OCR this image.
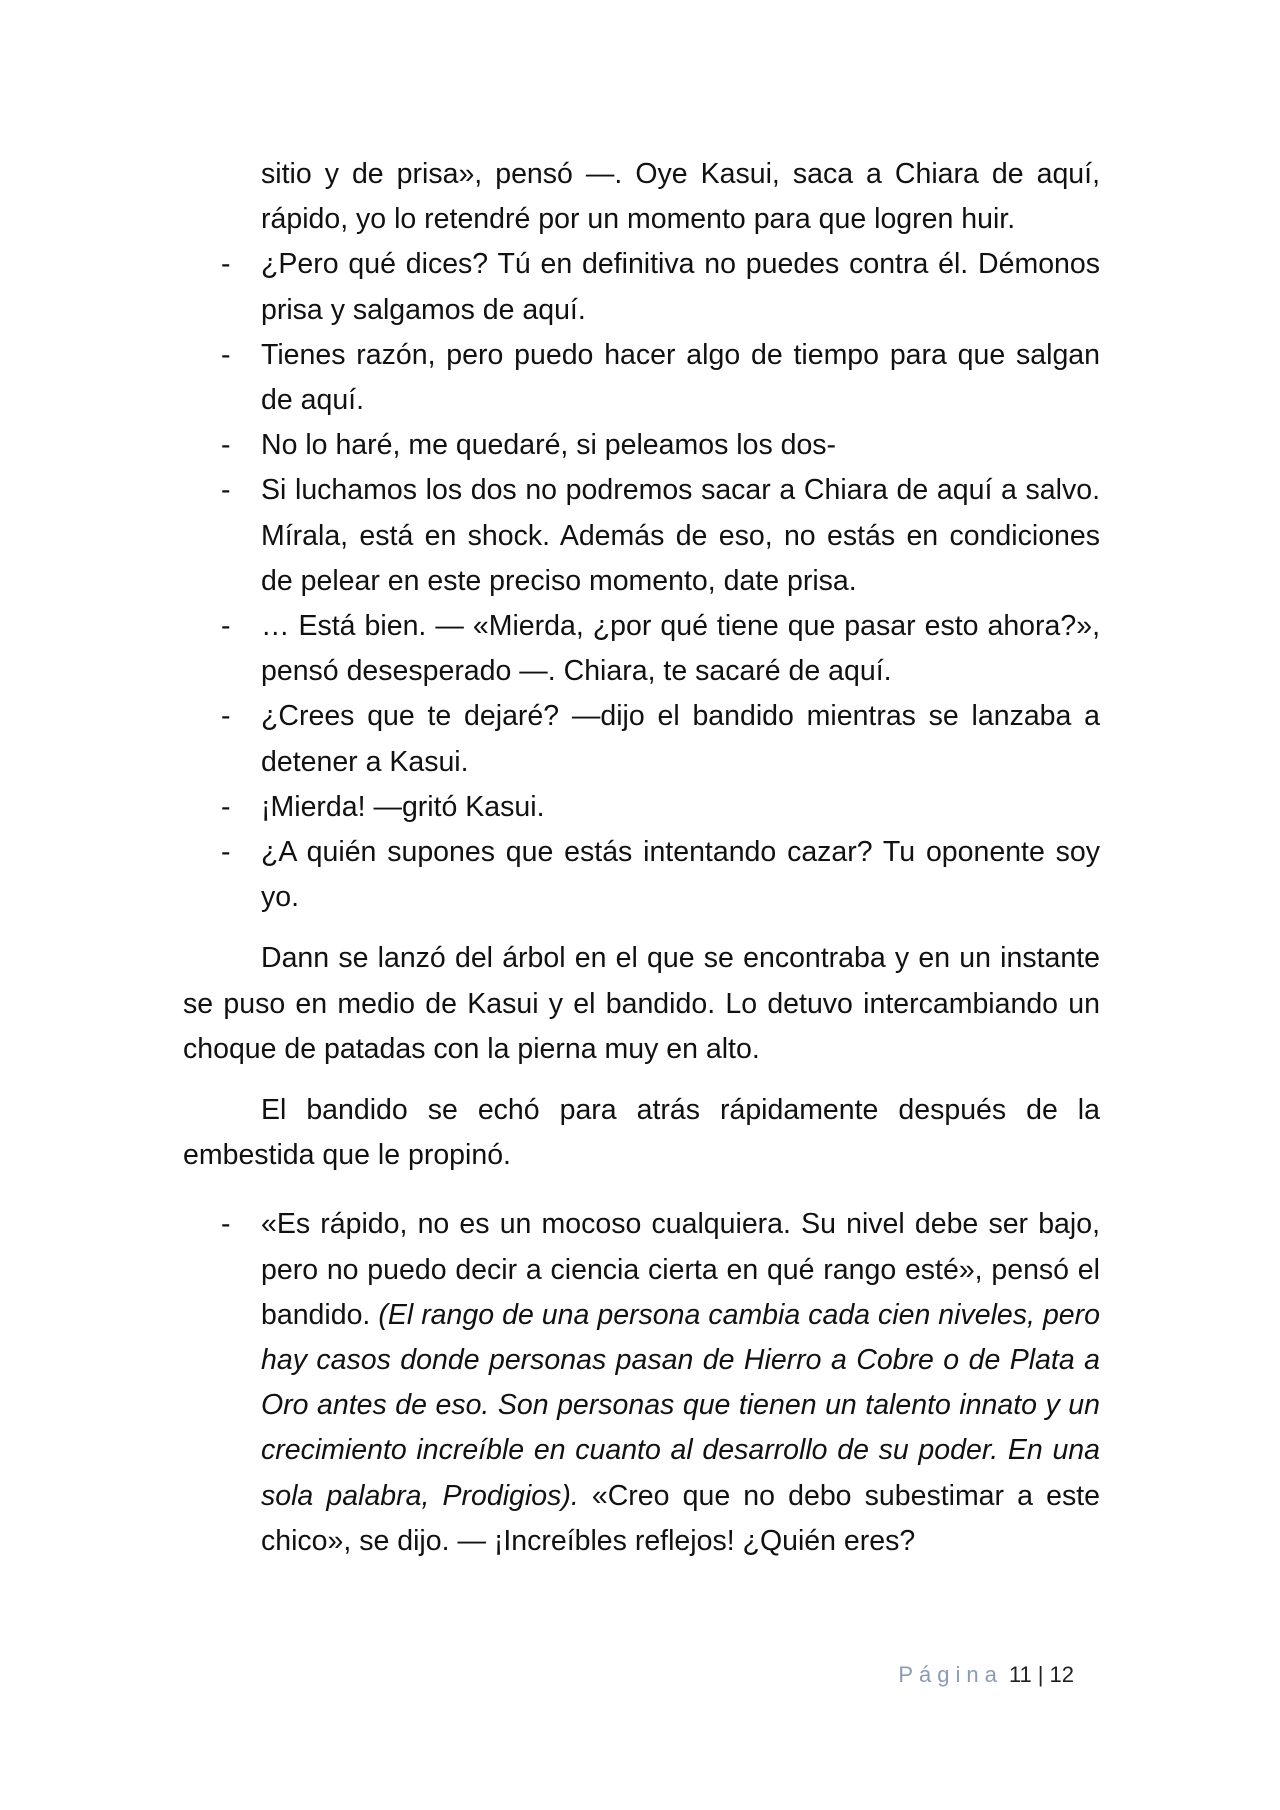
sitio y de prisa», pensó —. Oye Kasui, saca a Chiara de aquí, rápido, yo lo retendré por un momento para que logren huir.

- ¿Pero qué dices? Tú en definitiva no puedes contra él. Démonos prisa y salgamos de aquí.
- Tienes razón, pero puedo hacer algo de tiempo para que salgan de aquí.
- No lo haré, me quedaré, si peleamos los dos-
- Si luchamos los dos no podremos sacar a Chiara de aquí a salvo. Mírala, está en shock. Además de eso, no estás en condiciones de pelear en este preciso momento, date prisa.
- … Está bien. — «Mierda, ¿por qué tiene que pasar esto ahora?», pensó desesperado —. Chiara, te sacaré de aquí.
- ¿Crees que te dejaré? —dijo el bandido mientras se lanzaba a detener a Kasui.
- ¡Mierda! —gritó Kasui.
- ¿A quién supones que estás intentando cazar? Tu oponente soy yo.

Dann se lanzó del árbol en el que se encontraba y en un instante se puso en medio de Kasui y el bandido. Lo detuvo intercambiando un choque de patadas con la pierna muy en alto.

El bandido se echó para atrás rápidamente después de la embestida que le propinó.

- «Es rápido, no es un mocoso cualquiera. Su nivel debe ser bajo, pero no puedo decir a ciencia cierta en qué rango esté», pensó el bandido. (El rango de una persona cambia cada cien niveles, pero hay casos donde personas pasan de Hierro a Cobre o de Plata a Oro antes de eso. Son personas que tienen un talento innato y un crecimiento increíble en cuanto al desarrollo de su poder. En una sola palabra, Prodigios). «Creo que no debo subestimar a este chico», se dijo. — ¡Increíbles reflejos! ¿Quién eres?
Página 11 | 12
